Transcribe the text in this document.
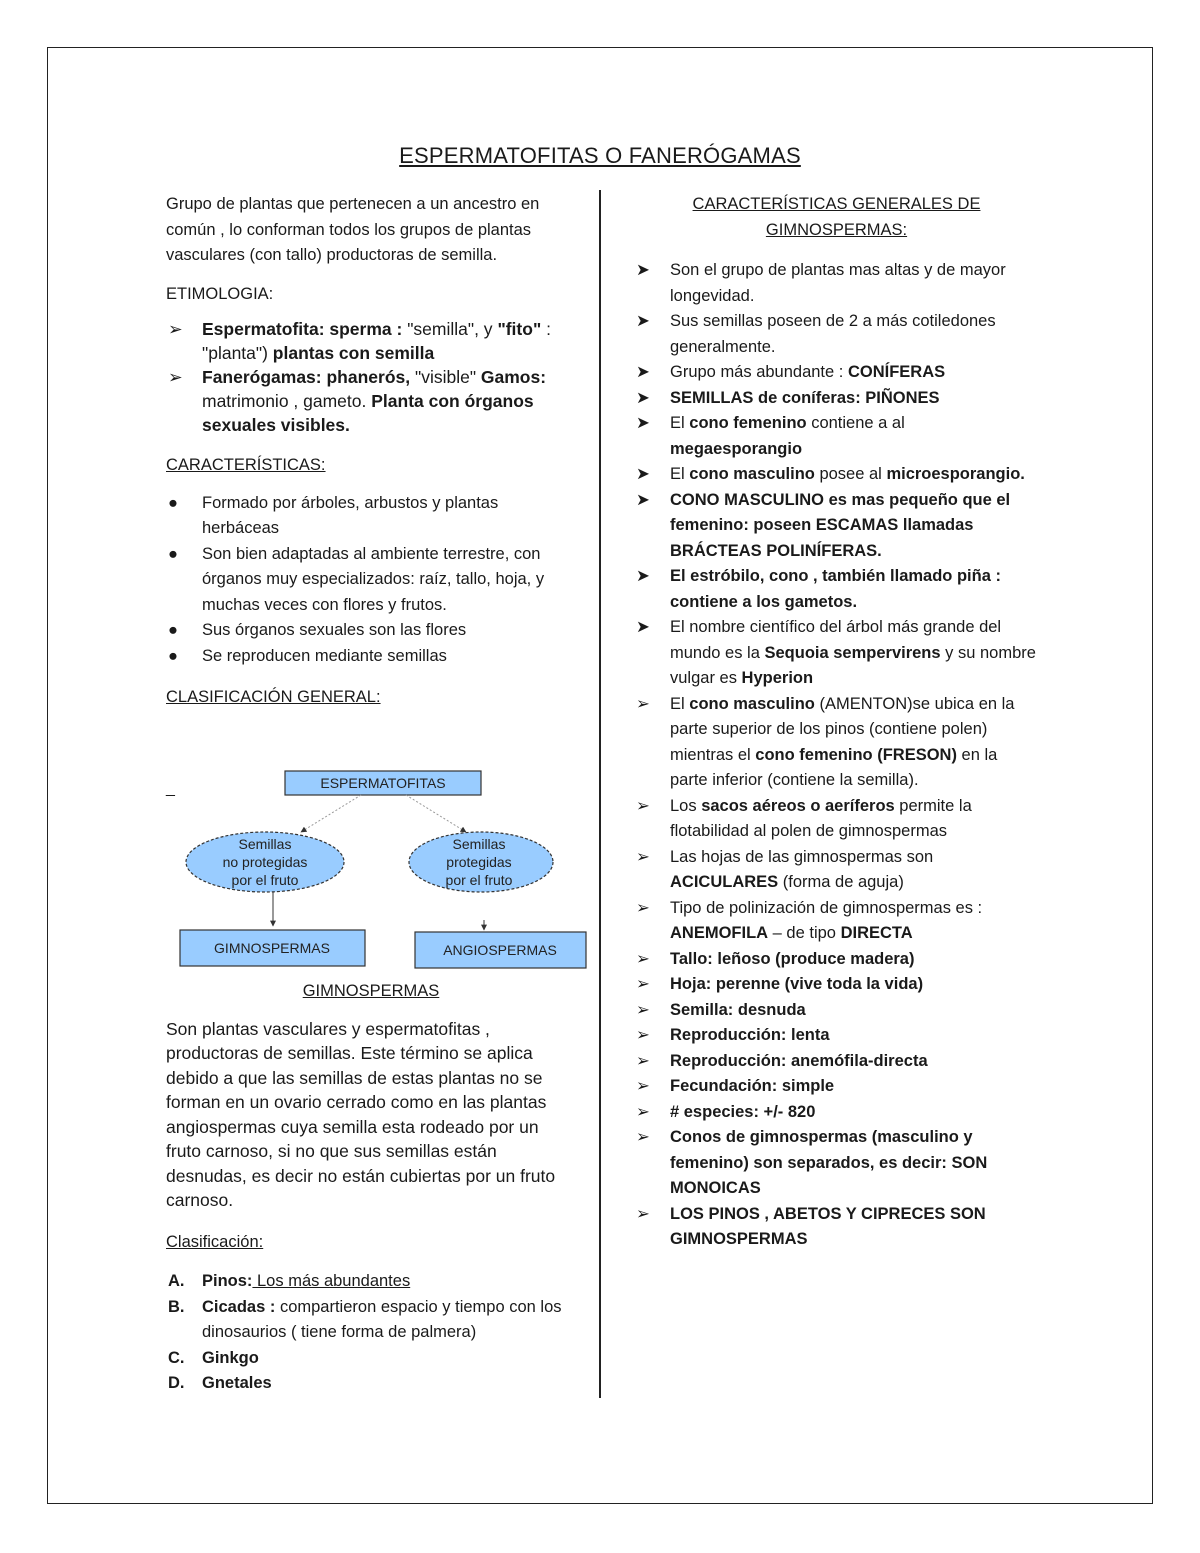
ESPERMATOFITAS O FANERÓGAMAS

Grupo de plantas que pertenecen a un ancestro en común , lo conforman todos los grupos de plantas vasculares (con tallo) productoras de semilla.

ETIMOLOGIA:

➢ Espermatofita: sperma : "semilla", y "fito" : "planta") plantas con semilla
➢ Fanerógamas: phanerós, "visible" Gamos: matrimonio , gameto. Planta con órganos sexuales visibles.

CARACTERÍSTICAS:

● Formado por árboles, arbustos y plantas herbáceas
● Son bien adaptadas al ambiente terrestre, con órganos muy especializados: raíz, tallo, hoja, y muchas veces con flores y frutos.
● Sus órganos sexuales son las flores
● Se reproducen mediante semillas

CLASIFICACIÓN GENERAL:

_	ESPERMATOFITAS
Semillas
no protegidas
por el fruto
Semillas
protegidas
por el fruto
GIMNOSPERMAS	ANGIOSPERMAS

GIMNOSPERMAS

Son plantas vasculares y espermatofitas , productoras de semillas. Este término se aplica debido a que las semillas de estas plantas no se forman en un ovario cerrado como en las plantas angiospermas cuya semilla esta rodeado por un fruto carnoso, si no que sus semillas están desnudas, es decir no están cubiertas por un fruto carnoso.

Clasificación:

A. Pinos: Los más abundantes
B. Cicadas : compartieron espacio y tiempo con los dinosaurios ( tiene forma de palmera)
C. Ginkgo
D. Gnetales

CARACTERÍSTICAS GENERALES DE

GIMNOSPERMAS:

➤ Son el grupo de plantas mas altas y de mayor longevidad.
➤ Sus semillas poseen de 2 a más cotiledones generalmente.
➤ Grupo más abundante : CONÍFERAS
➤ SEMILLAS de coníferas: PIÑONES
➤ El cono femenino contiene a al megaesporangio
➤ El cono masculino posee al microesporangio.
➤ CONO MASCULINO es mas pequeño que el femenino: poseen ESCAMAS llamadas BRÁCTEAS POLINÍFERAS.
➤ El estróbilo, cono , también llamado piña : contiene a los gametos.
➤ El nombre científico del árbol más grande del mundo es la Sequoia sempervirens y su nombre vulgar es Hyperion
➢ El cono masculino (AMENTON)se ubica en la parte superior de los pinos (contiene polen) mientras el cono femenino (FRESON) en la parte inferior (contiene la semilla).
➢ Los sacos aéreos o aeríferos permite la flotabilidad al polen de gimnospermas
➢ Las hojas de las gimnospermas son ACICULARES (forma de aguja)
➢ Tipo de polinización de gimnospermas es : ANEMOFILA – de tipo DIRECTA
➢ Tallo: leñoso (produce madera)
➢ Hoja: perenne (vive toda la vida)
➢ Semilla: desnuda
➢ Reproducción: lenta
➢ Reproducción: anemófila-directa
➢ Fecundación: simple
➢ # especies: +/- 820
➢ Conos de gimnospermas (masculino y femenino) son separados, es decir: SON MONOICAS
➢ LOS PINOS , ABETOS Y CIPRECES SON GIMNOSPERMAS
